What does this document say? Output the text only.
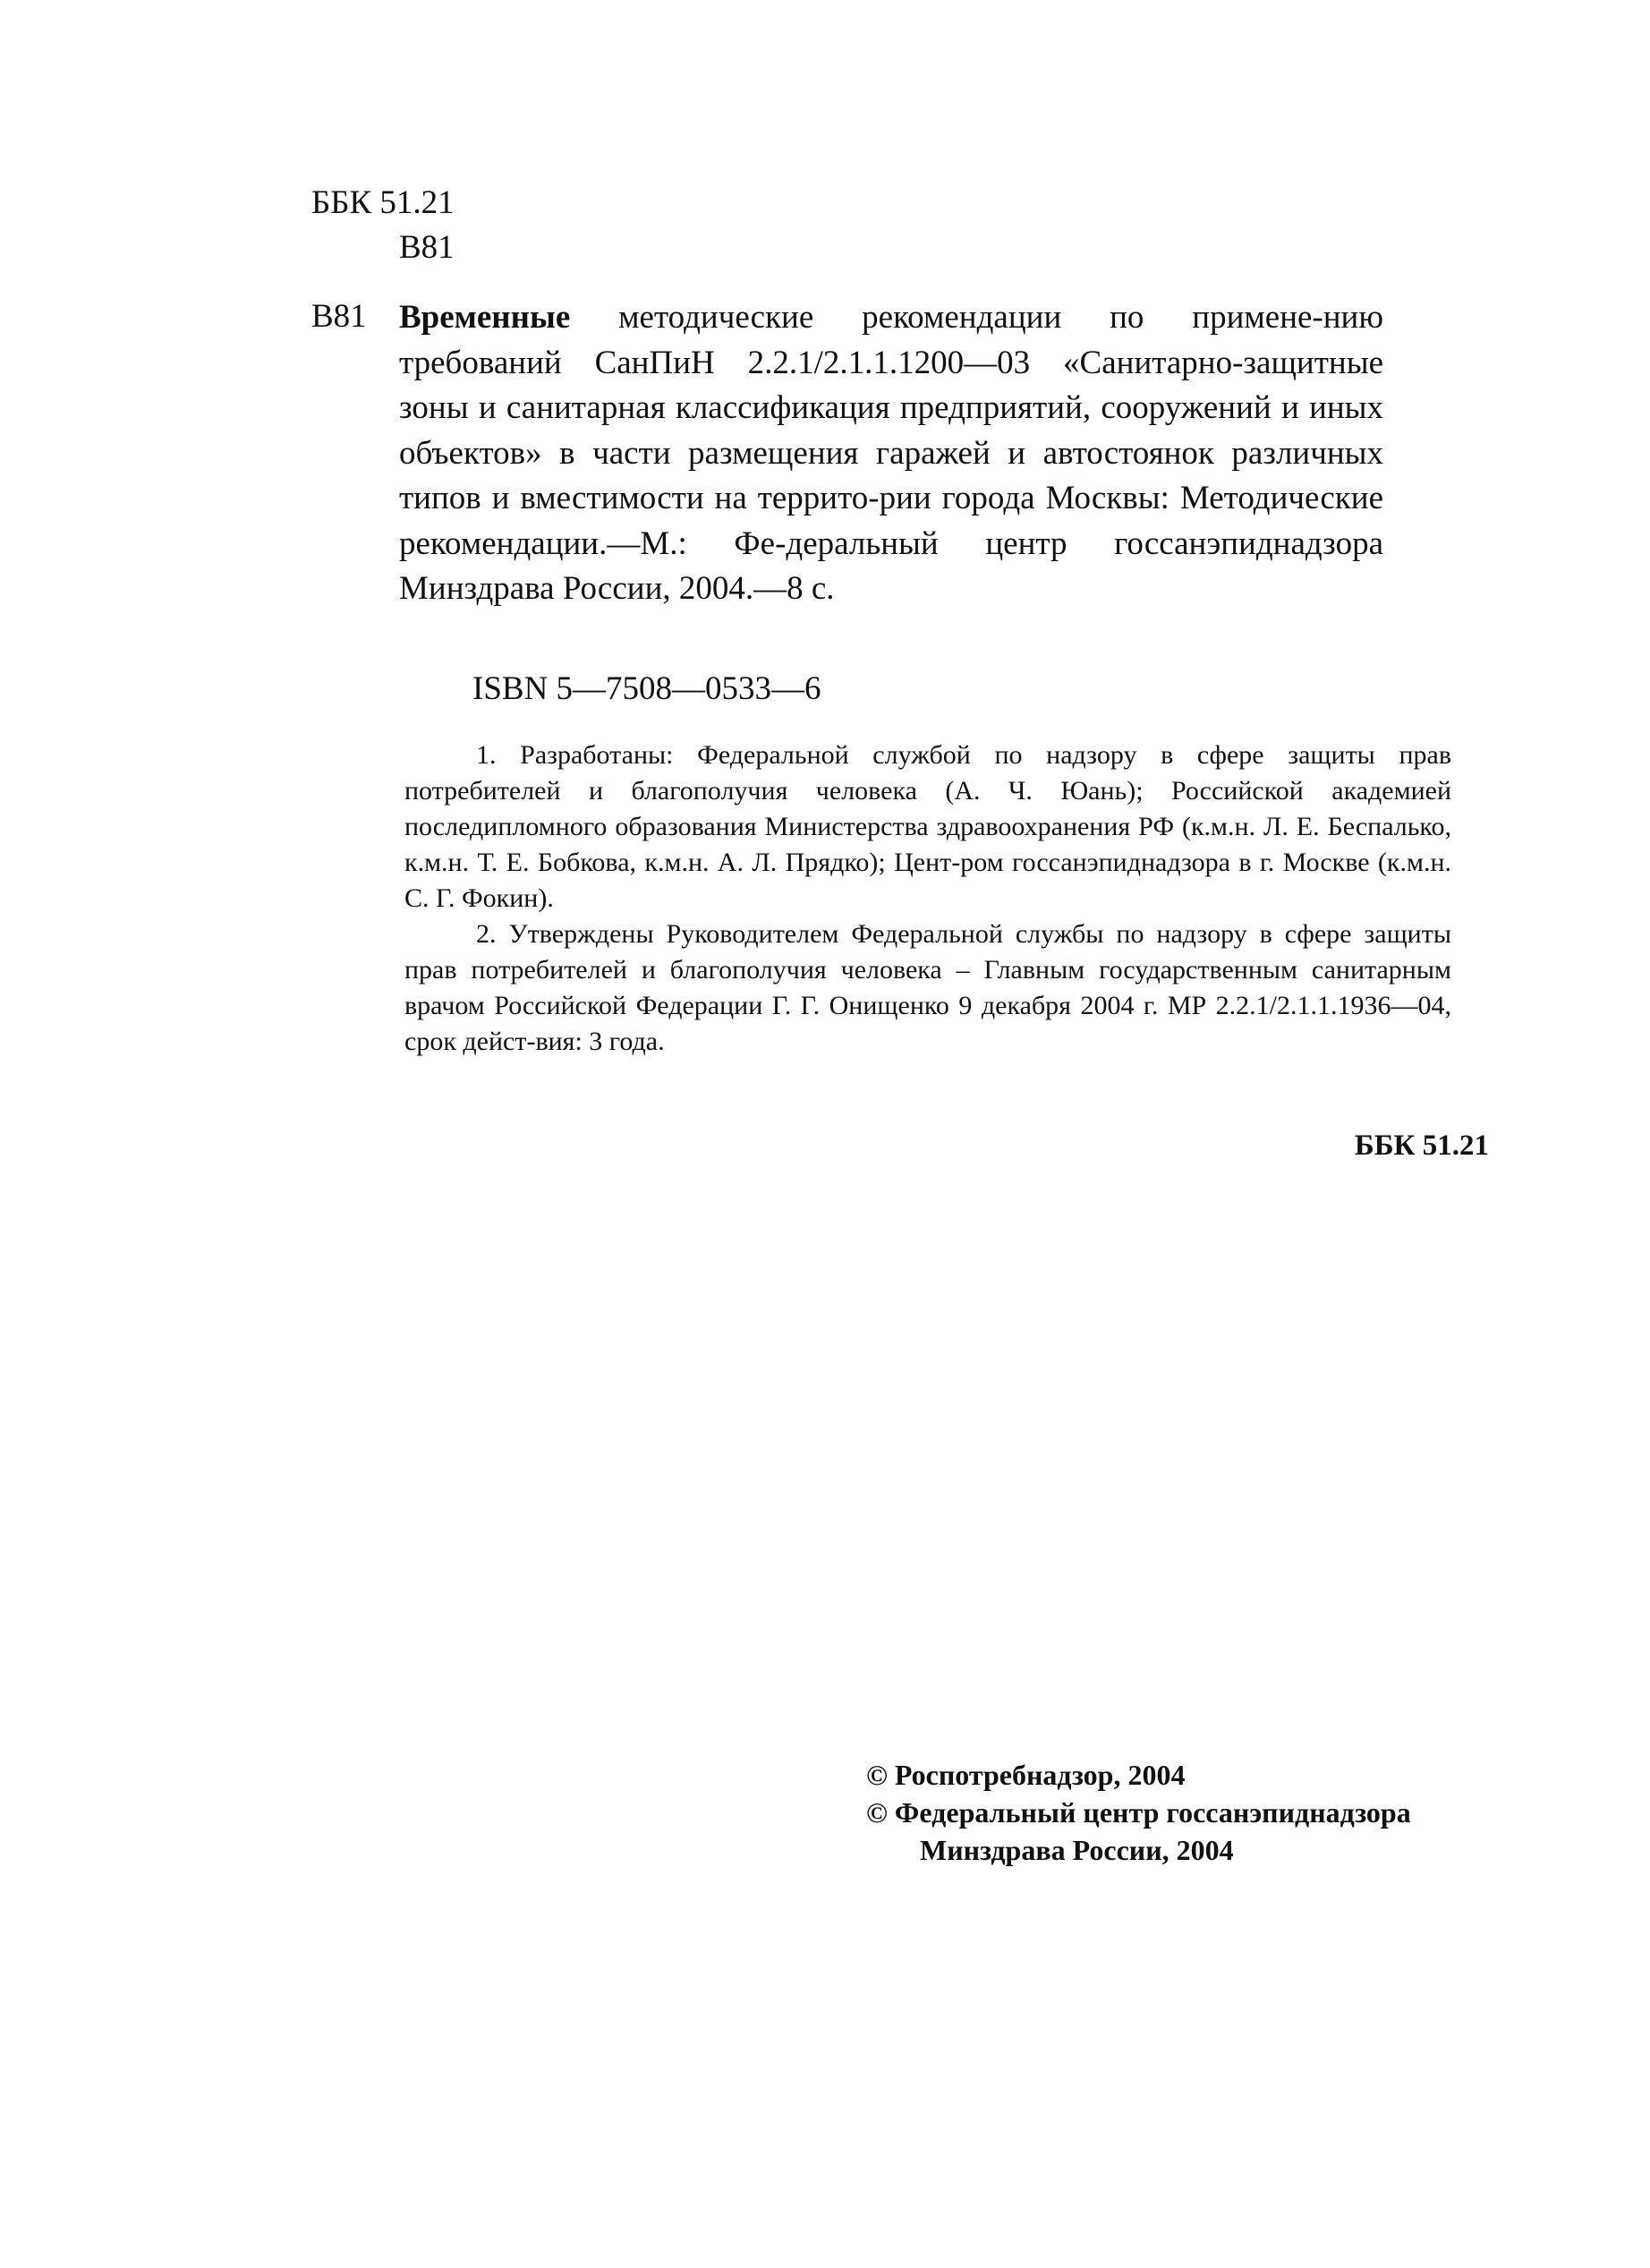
ББК 51.21
В81
В81 Временные методические рекомендации по примене-нию требований СанПиН 2.2.1/2.1.1.1200—03 «Санитарно-защитные зоны и санитарная классификация предприятий, сооружений и иных объектов» в части размещения гаражей и автостоянок различных типов и вместимости на террито-рии города Москвы: Методические рекомендации.—М.: Фе-деральный центр госсанэпиднадзора Минздрава России, 2004.—8 с.
ISBN 5—7508—0533—6

1. Разработаны: Федеральной службой по надзору в сфере защиты прав потребителей и благополучия человека (А. Ч. Юань); Российской академией последипломного образования Министерства здравоохранения РФ (к.м.н. Л. Е. Беспалько, к.м.н. Т. Е. Бобкова, к.м.н. А. Л. Прядко); Цент-ром госсанэпиднадзора в г. Москве (к.м.н. С. Г. Фокин).

2. Утверждены Руководителем Федеральной службы по надзору в сфере защиты прав потребителей и благополучия человека – Главным государственным санитарным врачом Российской Федерации Г. Г. Онищенко 9 декабря 2004 г. МР 2.2.1/2.1.1.1936—04, срок дейст-вия: 3 года.

ББК 51.21
© Роспотребнадзор, 2004
© Федеральный центр госсанэпиднадзора
Минздрава России, 2004
